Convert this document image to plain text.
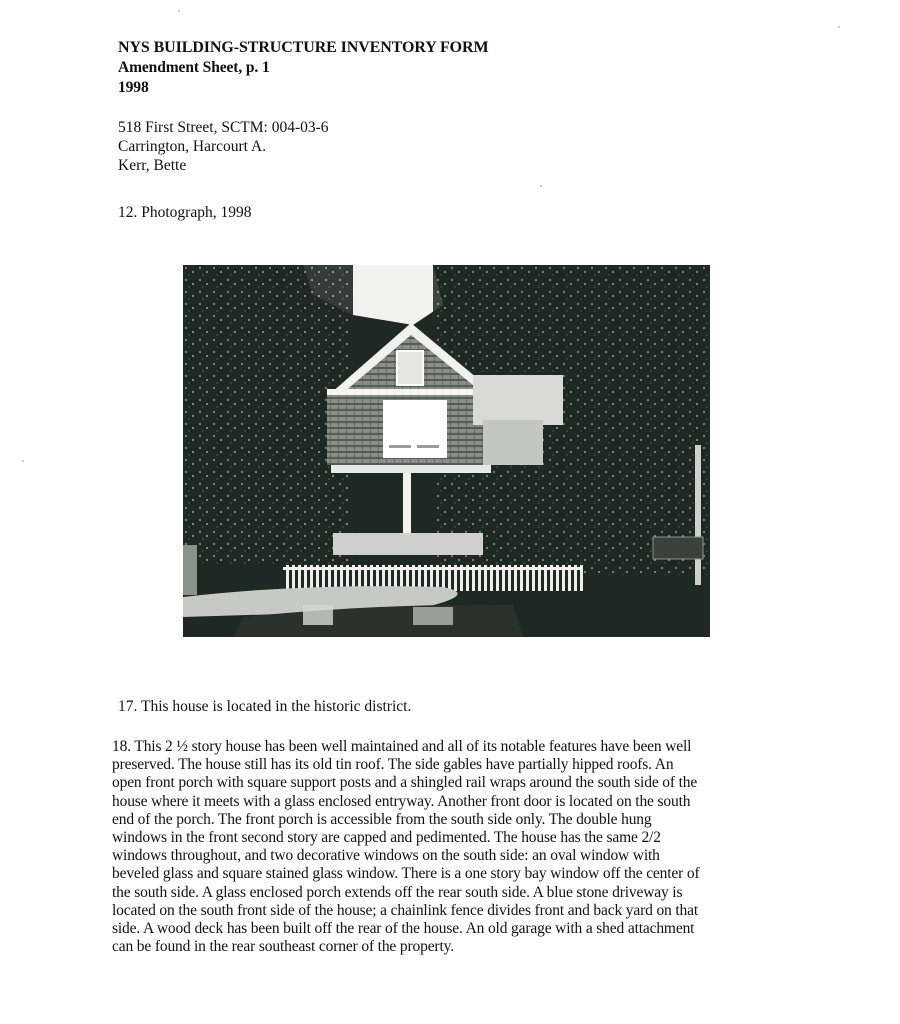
NYS BUILDING-STRUCTURE INVENTORY FORM
Amendment Sheet, p. 1
1998
518 First Street, SCTM: 004-03-6
Carrington, Harcourt A.
Kerr, Bette
12. Photograph, 1998
17. This house is located in the historic district.
18. This 2 ½ story house has been well maintained and all of its notable features have been well
preserved. The house still has its old tin roof. The side gables have partially hipped roofs. An
open front porch with square support posts and a shingled rail wraps around the south side of the
house where it meets with a glass enclosed entryway. Another front door is located on the south
end of the porch. The front porch is accessible from the south side only. The double hung
windows in the front second story are capped and pedimented. The house has the same 2/2
windows throughout, and two decorative windows on the south side: an oval window with
beveled glass and square stained glass window. There is a one story bay window off the center of
the south side. A glass enclosed porch extends off the rear south side. A blue stone driveway is
located on the south front side of the house; a chainlink fence divides front and back yard on that
side. A wood deck has been built off the rear of the house. An old garage with a shed attachment
can be found in the rear southeast corner of the property.
